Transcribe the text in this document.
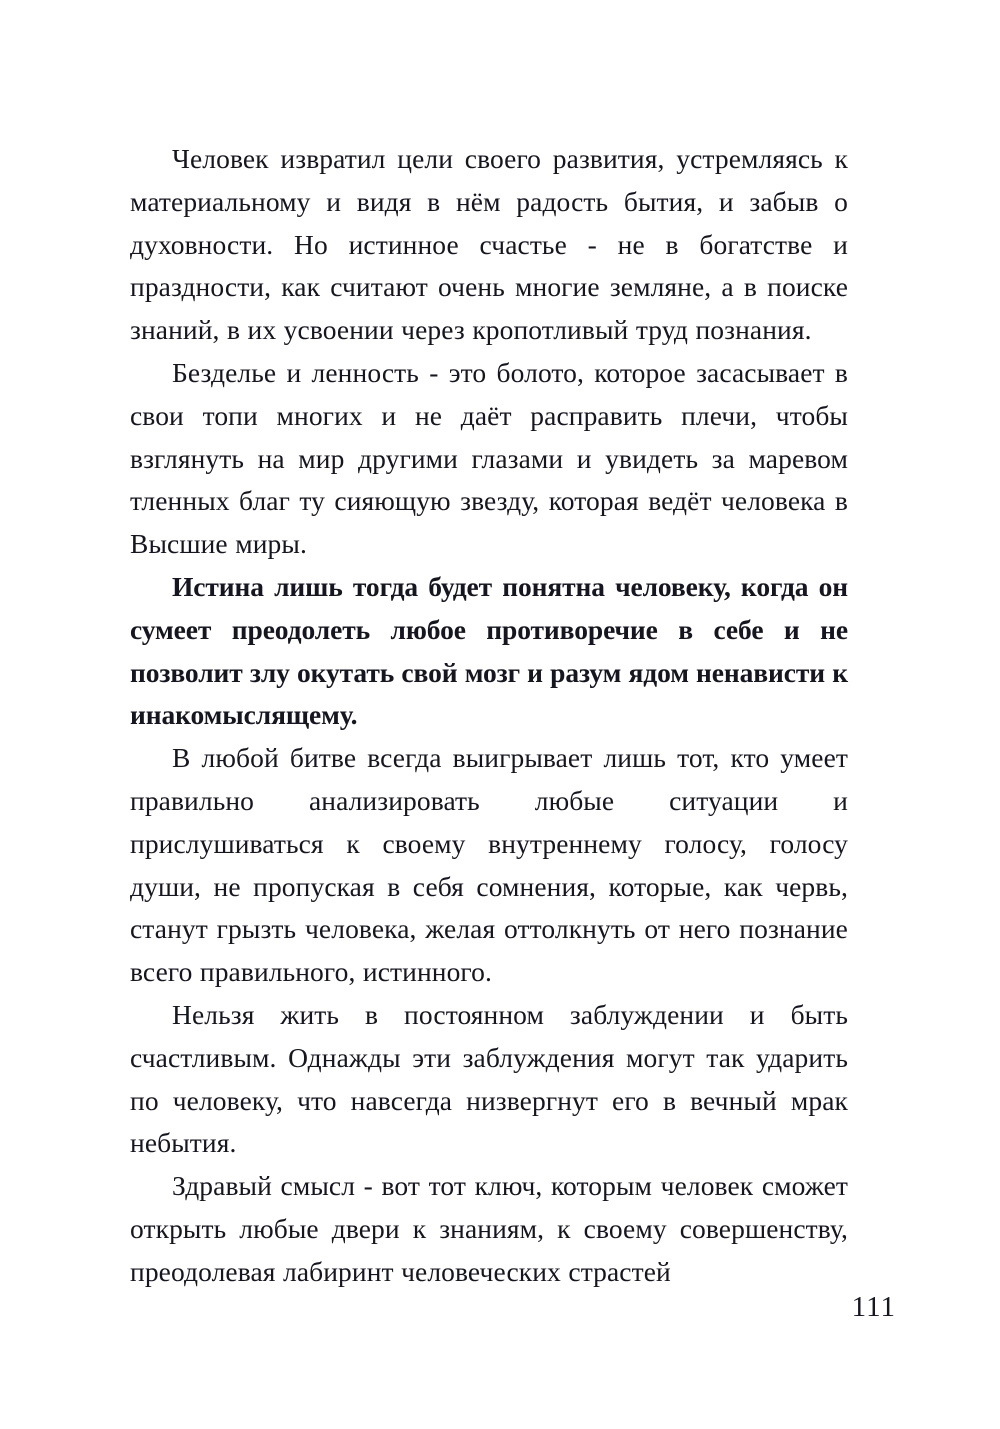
Человек извратил цели своего развития, устремляясь к материальному и видя в нём радость бытия, и забыв о духовности. Но истинное счастье - не в богатстве и праздности, как считают очень многие земляне, а в поиске знаний, в их усвоении через кропотливый труд познания.

Безделье и ленность - это болото, которое засасывает в свои топи многих и не даёт расправить плечи, чтобы взглянуть на мир другими глазами и увидеть за маревом тленных благ ту сияющую звезду, которая ведёт человека в Высшие миры.

Истина лишь тогда будет понятна человеку, когда он сумеет преодолеть любое противоречие в себе и не позволит злу окутать свой мозг и разум ядом ненависти к инакомыслящему.

В любой битве всегда выигрывает лишь тот, кто умеет правильно анализировать любые ситуации и прислушиваться к своему внутреннему голосу, голосу души, не пропуская в себя сомнения, которые, как червь, станут грызть человека, желая оттолкнуть от него познание всего правильного, истинного.

Нельзя жить в постоянном заблуждении и быть счастливым. Однажды эти заблуждения могут так ударить по человеку, что навсегда низвергнут его в вечный мрак небытия.

Здравый смысл - вот тот ключ, которым человек сможет открыть любые двери к знаниям, к своему совершенству, преодолевая лабиринт человеческих страстей

111
